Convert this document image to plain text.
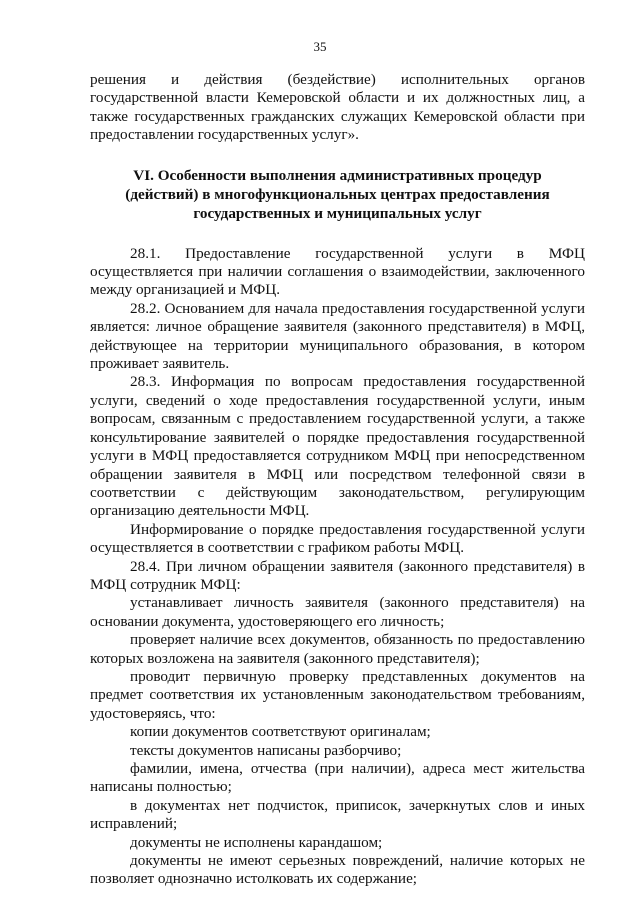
35

решения и действия (бездействие) исполнительных органов государственной власти Кемеровской области и их должностных лиц, а также государственных гражданских служащих Кемеровской области при предоставлении государственных услуг».

VI. Особенности выполнения административных процедур
(действий) в многофункциональных центрах предоставления
государственных и муниципальных услуг

28.1. Предоставление государственной услуги в МФЦ осуществляется при наличии соглашения о взаимодействии, заключенного между организацией и МФЦ.

28.2. Основанием для начала предоставления государственной услуги является: личное обращение заявителя (законного представителя) в МФЦ, действующее на территории муниципального образования, в котором проживает заявитель.

28.3. Информация по вопросам предоставления государственной услуги, сведений о ходе предоставления государственной услуги, иным вопросам, связанным с предоставлением государственной услуги, а также консультирование заявителей о порядке предоставления государственной услуги в МФЦ предоставляется сотрудником МФЦ при непосредственном обращении заявителя в МФЦ или посредством телефонной связи в соответствии с действующим законодательством, регулирующим организацию деятельности МФЦ.

Информирование о порядке предоставления государственной услуги осуществляется в соответствии с графиком работы МФЦ.

28.4. При личном обращении заявителя (законного представителя) в МФЦ сотрудник МФЦ:

устанавливает личность заявителя (законного представителя) на основании документа, удостоверяющего его личность;

проверяет наличие всех документов, обязанность по предоставлению которых возложена на заявителя (законного представителя);

проводит первичную проверку представленных документов на предмет соответствия их установленным законодательством требованиям, удостоверяясь, что:

копии документов соответствуют оригиналам;

тексты документов написаны разборчиво;

фамилии, имена, отчества (при наличии), адреса мест жительства написаны полностью;

в документах нет подчисток, приписок, зачеркнутых слов и иных исправлений;

документы не исполнены карандашом;

документы не имеют серьезных повреждений, наличие которых не позволяет однозначно истолковать их содержание;
